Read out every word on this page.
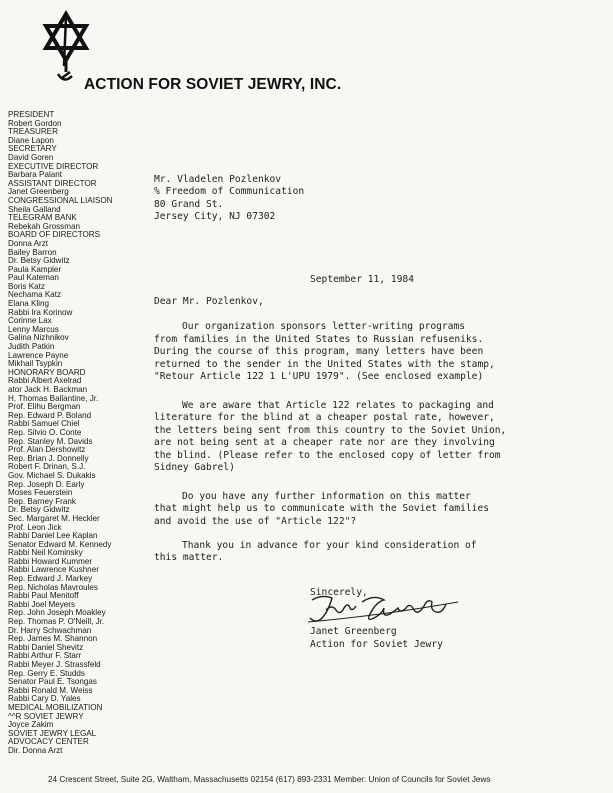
ACTION FOR SOVIET JEWRY, INC.
PRESIDENT
Robert Gordon
TREASURER
Diane Lapon
SECRETARY
David Goren
EXECUTIVE DIRECTOR
Barbara Palant
ASSISTANT DIRECTOR
Janet Greenberg
CONGRESSIONAL LIAISON
Sheila Galland
TELEGRAM BANK
Rebekah Grossman
BOARD OF DIRECTORS
Donna Arzt
Bailey Barron
Dr. Betsy Gidwitz
Paula Kampler
Paul Kateman
Boris Katz
Nechama Katz
Elana Kling
Rabbi Ira Korinow
Corinne Lax
Lenny Marcus
Galina Nizhnikov
Judith Patkin
Lawrence Payne
Mikhail Tsypkin
HONORARY BOARD
Rabbi Albert Axelrad
ator Jack H. Backman
H. Thomas Ballantine, Jr.
Prof. Elihu Bergman
Rep. Edward P. Boland
Rabbi Samuel Chiel
Rep. Silvio O. Conte
Rep. Stanley M. Davids
Prof. Alan Dershowitz
Rep. Brian J. Donnelly
Robert F. Drinan, S.J.
Gov. Michael S. Dukakis
Rep. Joseph D. Early
Moses Feuerstein
Rep. Barney Frank
Dr. Betsy Gidwitz
Sec. Margaret M. Heckler
Prof. Leon Jick
Rabbi Daniel Lee Kaplan
Senator Edward M. Kennedy
Rabbi Neil Kominsky
Rabbi Howard Kummer
Rabbi Lawrence Kushner
Rep. Edward J. Markey
Rep. Nicholas Mavroules
Rabbi Paul Menitoff
Rabbi Joel Meyers
Rep. John Joseph Moakley
Rep. Thomas P. O'Neill, Jr.
Dr. Harry Schwachman
Rep. James M. Shannon
Rabbi Daniel Shevitz
Rabbi Arthur F. Starr
Rabbi Meyer J. Strassfeld
Rep. Gerry E. Studds
Senator Paul E. Tsongas
Rabbi Ronald M. Weiss
Rabbi Cary D. Yales
MEDICAL MOBILIZATION
^^R SOVIET JEWRY
Joyce Zakim
SOVIET JEWRY LEGAL
ADVOCACY CENTER
Dir. Donna Arzt
Mr. Vladelen Pozlenkov
% Freedom of Communication
80 Grand St.
Jersey City, NJ 07302
September 11, 1984
Dear Mr. Pozlenkov,
Our organization sponsors letter-writing programs
from families in the United States to Russian refuseniks.
During the course of this program, many letters have been
returned to the sender in the United States with the stamp,
"Retour Article 122 1 L'UPU 1979". (See enclosed example)
We are aware that Article 122 relates to packaging and
literature for the blind at a cheaper postal rate, however,
the letters being sent from this country to the Soviet Union,
are not being sent at a cheaper rate nor are they involving
the blind. (Please refer to the enclosed copy of letter from
Sidney Gabrel)
Do you have any further information on this matter
that might help us to communicate with the Soviet families
and avoid the use of "Article 122"?
Thank you in advance for your kind consideration of
this matter.
Sincerely,
Janet Greenberg
Action for Soviet Jewry
24 Crescent Street, Suite 2G, Waltham, Massachusetts 02154 (617) 893-2331 Member: Union of Councils for Soviet Jews
